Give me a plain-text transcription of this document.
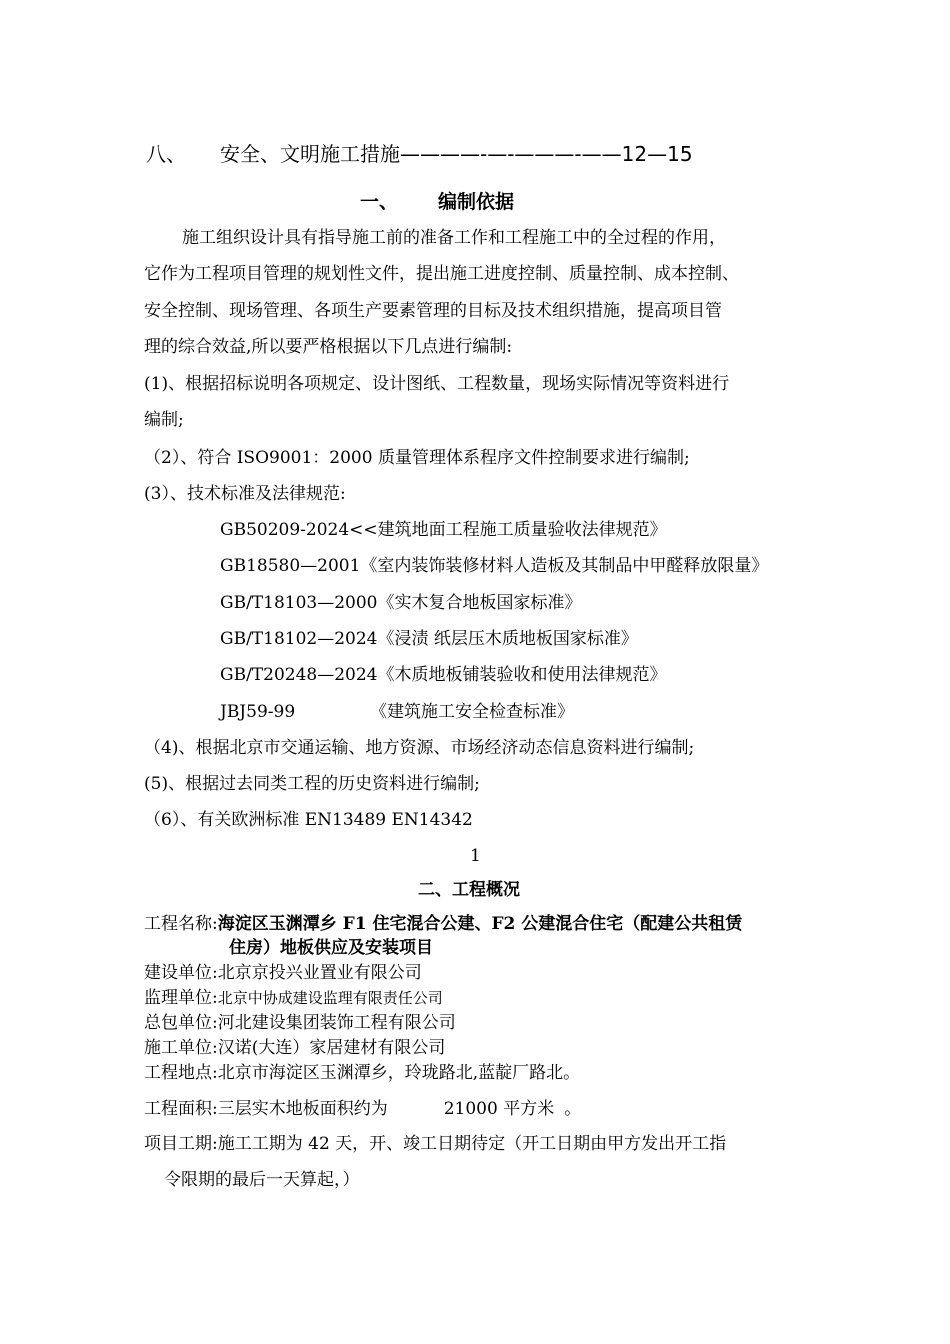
八、 安全、文明施工措施————-—-———-——12—15
一、 编制依据
施工组织设计具有指导施工前的准备工作和工程施工中的全过程的作用，
它作为工程项目管理的规划性文件，提出施工进度控制、质量控制、成本控制、
安全控制、现场管理、各项生产要素管理的目标及技术组织措施，提高项目管
理的综合效益,所以要严格根据以下几点进行编制:
(1)、根据招标说明各项规定、设计图纸、工程数量，现场实际情况等资料进行
编制;
（2）、符合 ISO9001：2000 质量管理体系程序文件控制要求进行编制;
(3）、技术标准及法律规范:
GB50209-2024<<建筑地面工程施工质量验收法律规范》
GB18580—2001《室内装饰装修材料人造板及其制品中甲醛释放限量》
GB/T18103—2000《实木复合地板国家标准》
GB/T18102—2024《浸渍 纸层压木质地板国家标准》
GB/T20248—2024《木质地板铺装验收和使用法律规范》
JBJ59-99	《建筑施工安全检查标准》
（4)、根据北京市交通运输、地方资源、市场经济动态信息资料进行编制;
(5)、根据过去同类工程的历史资料进行编制;
（6）、有关欧洲标准 EN13489 EN14342
1
二、工程概况
工程名称:海淀区玉渊潭乡 F1 住宅混合公建、F2 公建混合住宅（配建公共租赁
住房）地板供应及安装项目
建设单位:北京京投兴业置业有限公司
监理单位:北京中协成建设监理有限责任公司
总包单位:河北建设集团装饰工程有限公司
施工单位:汉诺(大连）家居建材有限公司
工程地点:北京市海淀区玉渊潭乡，玲珑路北,蓝靛厂路北。
工程面积:三层实木地板面积约为	21000 平方米 。
项目工期:施工工期为 42 天，开、竣工日期待定（开工日期由甲方发出开工指
令限期的最后一天算起，）
